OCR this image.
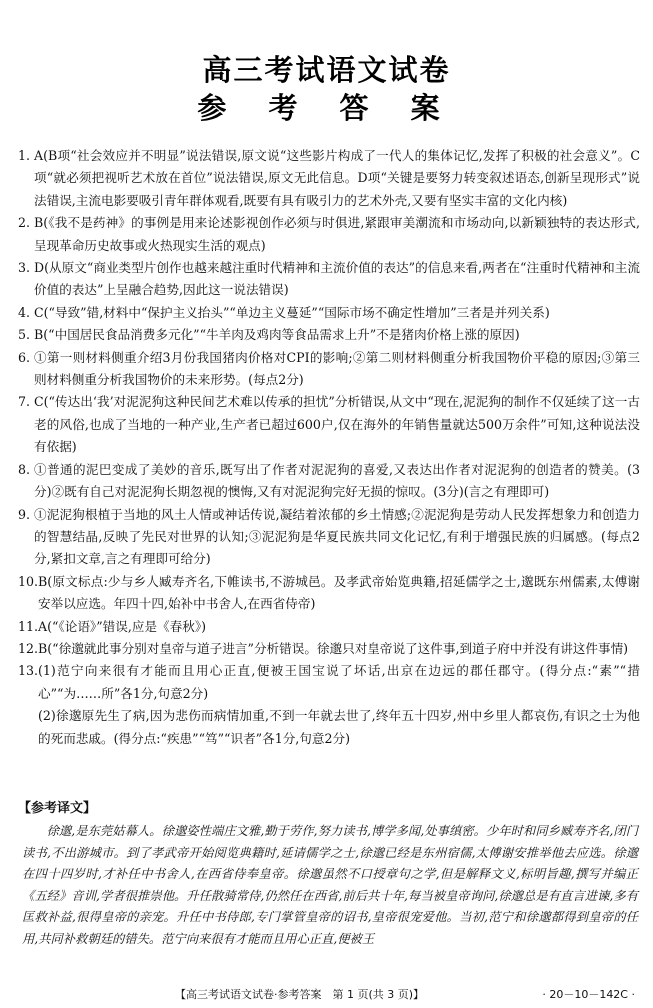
高三考试语文试卷
参 考 答 案

1. A(B项“社会效应并不明显”说法错误,原文说“这些影片构成了一代人的集体记忆,发挥了积极的社会意义”。C项“就必须把视听艺术放在首位”说法错误,原文无此信息。D项“关键是要努力转变叙述语态,创新呈现形式”说法错误,主流电影要吸引青年群体观看,既要有具有吸引力的艺术外壳,又要有坚实丰富的文化内核)

2. B(《我不是药神》的事例是用来论述影视创作必须与时俱进,紧跟审美潮流和市场动向,以新颖独特的表达形式,呈现革命历史故事或火热现实生活的观点)

3. D(从原文“商业类型片创作也越来越注重时代精神和主流价值的表达”的信息来看,两者在“注重时代精神和主流价值的表达”上呈融合趋势,因此这一说法错误)

4. C(“导致”错,材料中“保护主义抬头”“单边主义蔓延”“国际市场不确定性增加”三者是并列关系)

5. B(“中国居民食品消费多元化”“牛羊肉及鸡肉等食品需求上升”不是猪肉价格上涨的原因)

6. ①第一则材料侧重介绍3月份我国猪肉价格对CPI的影响;②第二则材料侧重分析我国物价平稳的原因;③第三则材料侧重分析我国物价的未来形势。(每点2分)

7. C(“传达出‘我’对泥泥狗这种民间艺术难以传承的担忧”分析错误,从文中“现在,泥泥狗的制作不仅延续了这一古老的风俗,也成了当地的一种产业,生产者已超过600户,仅在海外的年销售量就达500万余件”可知,这种说法没有依据)

8. ①普通的泥巴变成了美妙的音乐,既写出了作者对泥泥狗的喜爱,又表达出作者对泥泥狗的创造者的赞美。(3分)②既有自己对泥泥狗长期忽视的懊悔,又有对泥泥狗完好无损的惊叹。(3分)(言之有理即可)

9. ①泥泥狗根植于当地的风土人情或神话传说,凝结着浓郁的乡土情感;②泥泥狗是劳动人民发挥想象力和创造力的智慧结晶,反映了先民对世界的认知;③泥泥狗是华夏民族共同文化记忆,有利于增强民族的归属感。(每点2分,紧扣文章,言之有理即可给分)

10. B(原文标点:少与乡人臧寿齐名,下帷读书,不游城邑。及孝武帝始览典籍,招延儒学之士,邈既东州儒素,太傅谢安举以应选。年四十四,始补中书舍人,在西省侍帝)

11. A(“《论语》”错误,应是《春秋》)

12. B(“徐邈就此事分别对皇帝与道子进言”分析错误。徐邈只对皇帝说了这件事,到道子府中并没有讲这件事情)

13. (1)范宁向来很有才能而且用心正直,便被王国宝说了坏话,出京在边远的郡任郡守。(得分点:“素”“措心”“为……所”各1分,句意2分)
(2)徐邈原先生了病,因为悲伤而病情加重,不到一年就去世了,终年五十四岁,州中乡里人都哀伤,有识之士为他的死而悲戚。(得分点:“疾患”“笃”“识者”各1分,句意2分)

【参考译文】

徐邈,是东莞姑幕人。徐邈姿性端庄文雅,勤于劳作,努力读书,博学多闻,处事缜密。少年时和同乡臧寿齐名,闭门读书,不出游城市。到了孝武帝开始阅览典籍时,延请儒学之士,徐邈已经是东州宿儒,太傅谢安推举他去应选。徐邈在四十四岁时,才补任中书舍人,在西省侍奉皇帝。徐邈虽然不口授章句之学,但是解释文义,标明旨趣,撰写并编正《五经》音训,学者很推崇他。升任散骑常侍,仍然任在西省,前后共十年,每当被皇帝询问,徐邈总是有直言进谏,多有匡救补益,很得皇帝的亲宠。升任中书侍郎,专门掌管皇帝的诏书,皇帝很宠爱他。当初,范宁和徐邈都得到皇帝的任用,共同补救朝廷的错失。范宁向来很有才能而且用心正直,便被王

【高三考试语文试卷·参考答案　第 1 页(共 3 页)】	· 20－10－142C ·
